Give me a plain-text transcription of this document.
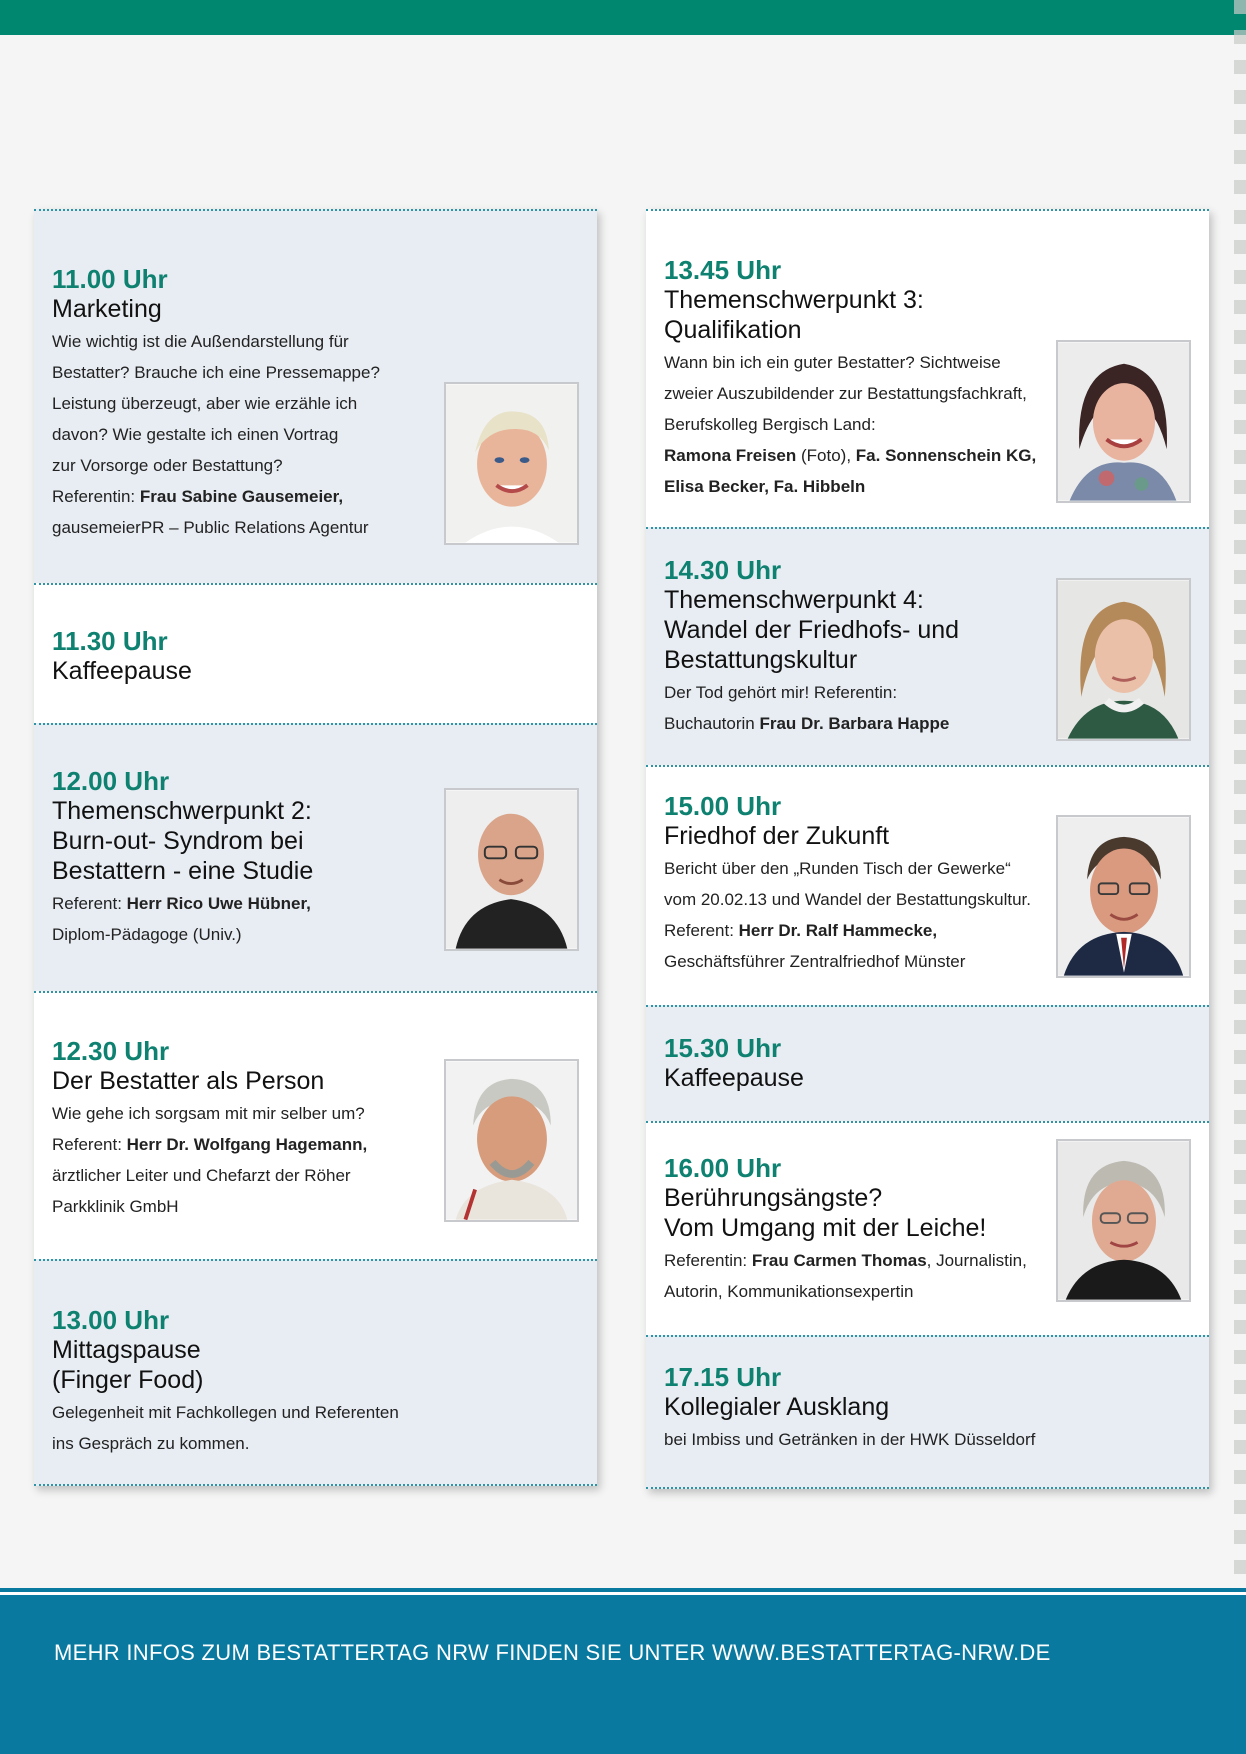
11.00 Uhr
Marketing
Wie wichtig ist die Außendarstellung für
Bestatter? Brauche ich eine Pressemappe?
Leistung überzeugt, aber wie erzähle ich
davon? Wie gestalte ich einen Vortrag
zur Vorsorge oder Bestattung?
Referentin: Frau Sabine Gausemeier,
gausemeierPR – Public Relations Agentur
11.30 Uhr
Kaffeepause
12.00 Uhr
Themenschwerpunkt 2:
Burn-out- Syndrom bei
Bestattern - eine Studie
Referent: Herr Rico Uwe Hübner,
Diplom-Pädagoge (Univ.)
12.30 Uhr
Der Bestatter als Person
Wie gehe ich sorgsam mit mir selber um?
Referent: Herr Dr. Wolfgang Hagemann,
ärztlicher Leiter und Chefarzt der Röher
Parkklinik GmbH
13.00 Uhr
Mittagspause
(Finger Food)
Gelegenheit mit Fachkollegen und Referenten
ins Gespräch zu kommen.
13.45 Uhr
Themenschwerpunkt 3:
Qualifikation
Wann bin ich ein guter Bestatter? Sichtweise
zweier Auszubildender zur Bestattungsfachkraft,
Berufskolleg Bergisch Land:
Ramona Freisen (Foto), Fa. Sonnenschein KG,
Elisa Becker, Fa. Hibbeln
14.30 Uhr
Themenschwerpunkt 4:
Wandel der Friedhofs- und
Bestattungskultur
Der Tod gehört mir! Referentin:
Buchautorin Frau Dr. Barbara Happe
15.00 Uhr
Friedhof der Zukunft
Bericht über den „Runden Tisch der Gewerke“
vom 20.02.13 und Wandel der Bestattungskultur.
Referent: Herr Dr. Ralf Hammecke,
Geschäftsführer Zentralfriedhof Münster
15.30 Uhr
Kaffeepause
16.00 Uhr
Berührungsängste?
Vom Umgang mit der Leiche!
Referentin: Frau Carmen Thomas, Journalistin,
Autorin, Kommunikationsexpertin
17.15 Uhr
Kollegialer Ausklang
bei Imbiss und Getränken in der HWK Düsseldorf
MEHR INFOS ZUM BESTATTERTAG NRW FINDEN SIE UNTER WWW.BESTATTERTAG-NRW.DE
